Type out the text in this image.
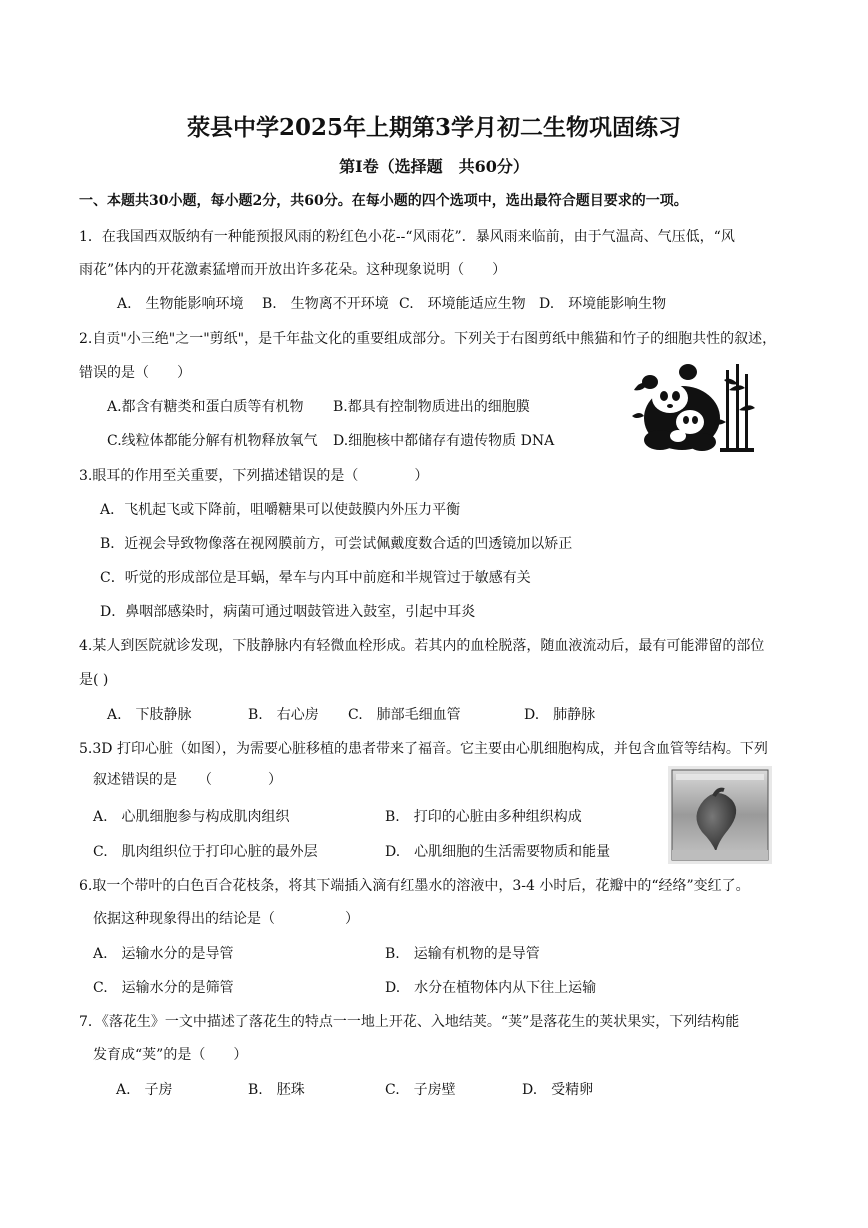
荥县中学2025年上期第3学月初二生物巩固练习
第Ⅰ卷（选择题　共60分）
一、本题共30小题，每小题2分，共60分。在每小题的四个选项中，选出最符合题目要求的一项。
1．在我国西双版纳有一种能预报风雨的粉红色小花--“风雨花”．暴风雨来临前，由于气温高、气压低，“风
雨花”体内的开花激素猛增而开放出许多花朵。这种现象说明（　　）
A.　生物能影响环境 B.　生物离不开环境 C.　环境能适应生物 D.　环境能影响生物
2.自贡"小三绝"之一"剪纸"，是千年盐文化的重要组成部分。下列关于右图剪纸中熊猫和竹子的细胞共性的叙述，
错误的是（　　）
A.都含有糖类和蛋白质等有机物 B.都具有控制物质进出的细胞膜
C.线粒体都能分解有机物释放氧气 D.细胞核中都储存有遗传物质 DNA
3.眼耳的作用至关重要，下列描述错误的是（　　　　）
A．飞机起飞或下降前，咀嚼糖果可以使鼓膜内外压力平衡
B．近视会导致物像落在视网膜前方，可尝试佩戴度数合适的凹透镜加以矫正
C．听觉的形成部位是耳蜗，晕车与内耳中前庭和半规管过于敏感有关
D．鼻咽部感染时，病菌可通过咽鼓管进入鼓室，引起中耳炎
4.某人到医院就诊发现，下肢静脉内有轻微血栓形成。若其内的血栓脱落，随血液流动后，最有可能滞留的部位
是( )
A.　下肢静脉	B.　右心房 C.　肺部毛细血管	D.　肺静脉
5.3D 打印心脏（如图），为需要心脏移植的患者带来了福音。它主要由心肌细胞构成，并包含血管等结构。下列
叙述错误的是　　（　　　　）
A.　心肌细胞参与构成肌肉组织	B.　打印的心脏由多种组织构成
C.　肌肉组织位于打印心脏的最外层	D.　心肌细胞的生活需要物质和能量
6.取一个带叶的白色百合花枝条，将其下端插入滴有红墨水的溶液中，3-4 小时后，花瓣中的“经络”变红了。
依据这种现象得出的结论是（　　　　　）
A.　运输水分的是导管	B.　运输有机物的是导管
C.　运输水分的是筛管	D.　水分在植物体内从下往上运输
7．《落花生》一文中描述了落花生的特点一一地上开花、入地结荚。“荚”是落花生的荚状果实，下列结构能
发育成“荚”的是（　　）
A.　子房	B.　胚珠	C.　子房壁	D.　受精卵
